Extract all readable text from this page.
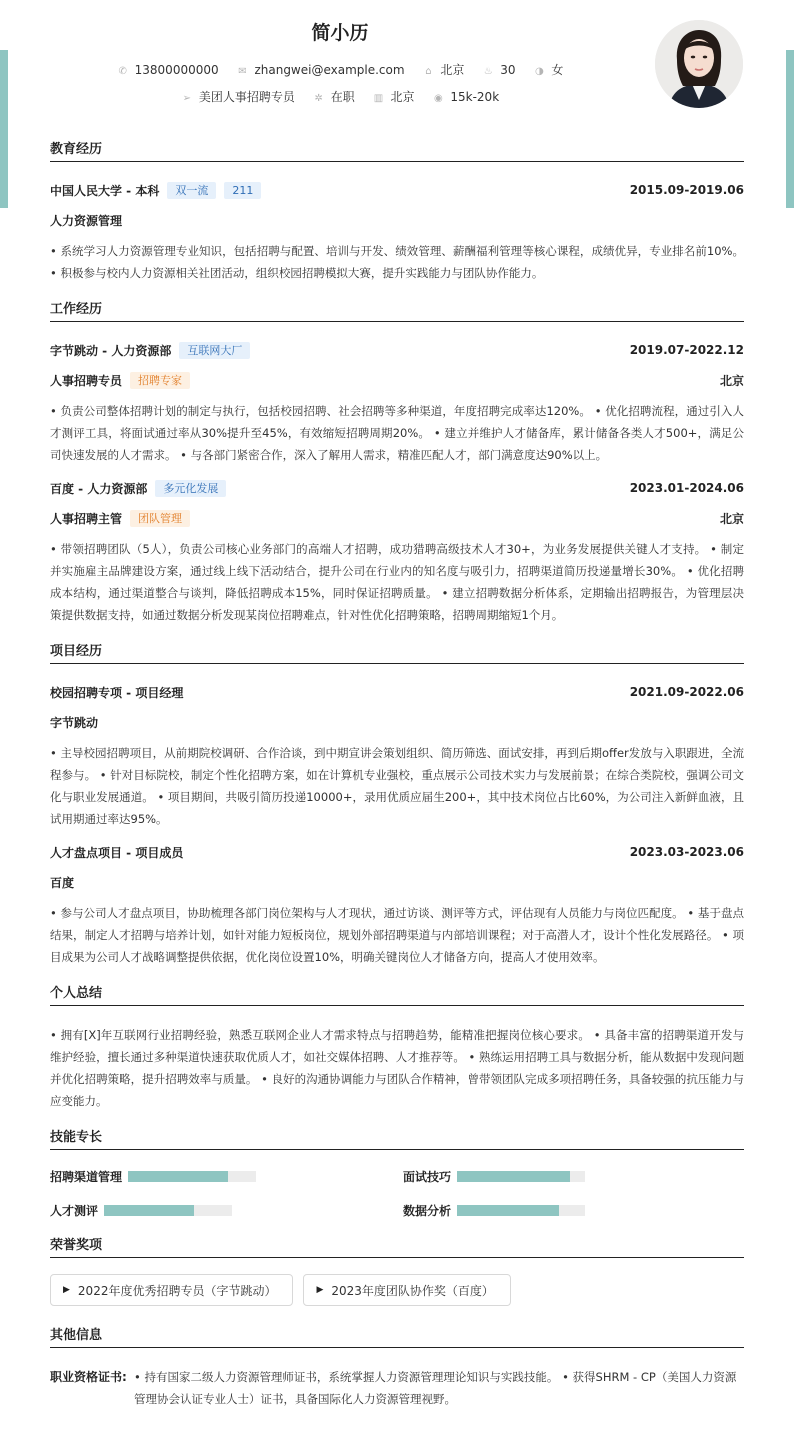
简小历
✆ 13800000000 ✉ zhangwei@example.com ⌂ 北京 ♨ 30 ◑ 女
➢ 美团人事招聘专员 ✲ 在职 ▥ 北京 ◉ 15k-20k
教育经历
中国人民大学 - 本科	双一流	211	2015.09-2019.06
人力资源管理
• 系统学习人力资源管理专业知识，包括招聘与配置、培训与开发、绩效管理、薪酬福利管理等核心课程，成绩优异，专业排名前10%。 • 积极参与校内人力资源相关社团活动，组织校园招聘模拟大赛，提升实践能力与团队协作能力。
工作经历
字节跳动 - 人力资源部	互联网大厂	2019.07-2022.12
人事招聘专员	招聘专家	北京
• 负责公司整体招聘计划的制定与执行，包括校园招聘、社会招聘等多种渠道，年度招聘完成率达120%。 • 优化招聘流程，通过引入人才测评工具，将面试通过率从30%提升至45%，有效缩短招聘周期20%。 • 建立并维护人才储备库，累计储备各类人才500+，满足公司快速发展的人才需求。 • 与各部门紧密合作，深入了解用人需求，精准匹配人才，部门满意度达90%以上。
百度 - 人力资源部	多元化发展	2023.01-2024.06
人事招聘主管	团队管理	北京
• 带领招聘团队（5人），负责公司核心业务部门的高端人才招聘，成功猎聘高级技术人才30+，为业务发展提供关键人才支持。 • 制定并实施雇主品牌建设方案，通过线上线下活动结合，提升公司在行业内的知名度与吸引力，招聘渠道简历投递量增长30%。 • 优化招聘成本结构，通过渠道整合与谈判，降低招聘成本15%，同时保证招聘质量。 • 建立招聘数据分析体系，定期输出招聘报告，为管理层决策提供数据支持，如通过数据分析发现某岗位招聘难点，针对性优化招聘策略，招聘周期缩短1个月。
项目经历
校园招聘专项 - 项目经理	2021.09-2022.06
字节跳动
• 主导校园招聘项目，从前期院校调研、合作洽谈，到中期宣讲会策划组织、简历筛选、面试安排，再到后期offer发放与入职跟进，全流程参与。 • 针对目标院校，制定个性化招聘方案，如在计算机专业强校，重点展示公司技术实力与发展前景；在综合类院校，强调公司文化与职业发展通道。 • 项目期间，共吸引简历投递10000+，录用优质应届生200+，其中技术岗位占比60%，为公司注入新鲜血液，且试用期通过率达95%。
人才盘点项目 - 项目成员	2023.03-2023.06
百度
• 参与公司人才盘点项目，协助梳理各部门岗位架构与人才现状，通过访谈、测评等方式，评估现有人员能力与岗位匹配度。 • 基于盘点结果，制定人才招聘与培养计划，如针对能力短板岗位，规划外部招聘渠道与内部培训课程；对于高潜人才，设计个性化发展路径。 • 项目成果为公司人才战略调整提供依据，优化岗位设置10%，明确关键岗位人才储备方向，提高人才使用效率。
个人总结
• 拥有[X]年互联网行业招聘经验，熟悉互联网企业人才需求特点与招聘趋势，能精准把握岗位核心要求。 • 具备丰富的招聘渠道开发与维护经验，擅长通过多种渠道快速获取优质人才，如社交媒体招聘、人才推荐等。 • 熟练运用招聘工具与数据分析，能从数据中发现问题并优化招聘策略，提升招聘效率与质量。 • 良好的沟通协调能力与团队合作精神，曾带领团队完成多项招聘任务，具备较强的抗压能力与应变能力。
技能专长
招聘渠道管理	面试技巧
人才测评	数据分析
荣誉奖项
▶ 2022年度优秀招聘专员（字节跳动）	▶ 2023年度团队协作奖（百度）
其他信息
职业资格证书: • 持有国家二级人力资源管理师证书，系统掌握人力资源管理理论知识与实践技能。 • 获得SHRM - CP（美国人力资源管理协会认证专业人士）证书，具备国际化人力资源管理视野。
